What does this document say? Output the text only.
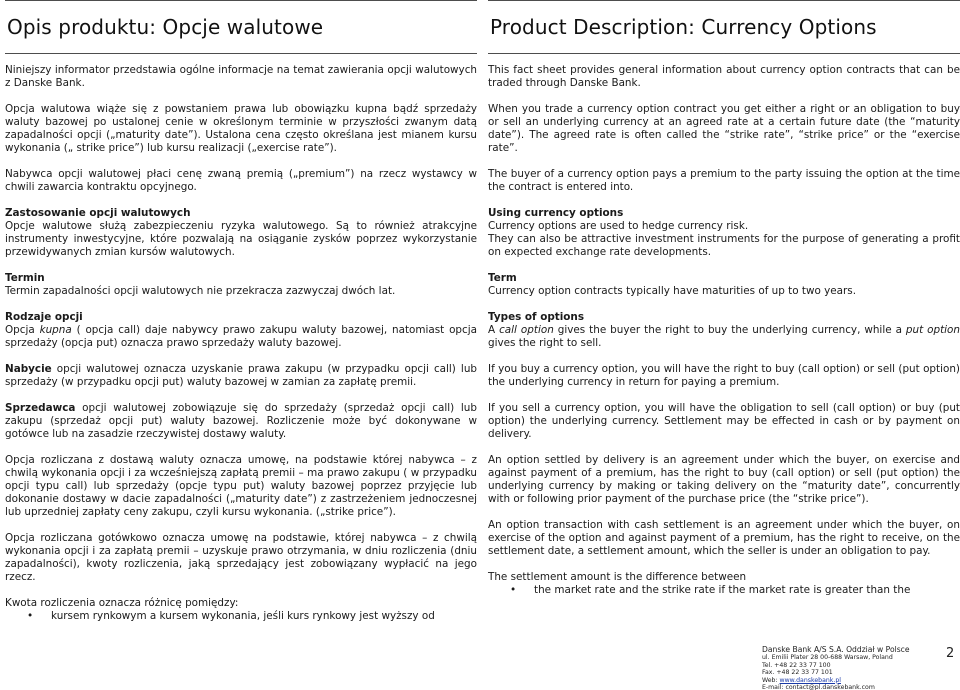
Opis produktu: Opcje walutowe

Niniejszy informator przedstawia ogólne informacje na temat zawierania opcji walutowych z Danske Bank.

Opcja walutowa wiąże się z powstaniem prawa lub obowiązku kupna bądź sprzedaży waluty bazowej po ustalonej cenie w określonym terminie w przyszłości zwanym datą zapadalności opcji („maturity date”). Ustalona cena często określana jest mianem kursu wykonania („ strike price”) lub kursu realizacji („exercise rate”).

Nabywca opcji walutowej płaci cenę zwaną premią („premium”) na rzecz wystawcy w chwili zawarcia kontraktu opcyjnego.

Zastosowanie opcji walutowych

Opcje walutowe służą zabezpieczeniu ryzyka walutowego. Są to również atrakcyjne instrumenty inwestycyjne, które pozwalają na osiąganie zysków poprzez wykorzystanie przewidywanych zmian kursów walutowych.

Termin

Termin zapadalności opcji walutowych nie przekracza zazwyczaj dwóch lat.

Rodzaje opcji

Opcja kupna ( opcja call) daje nabywcy prawo zakupu waluty bazowej, natomiast opcja sprzedaży (opcja put) oznacza prawo sprzedaży waluty bazowej.

Nabycie opcji walutowej oznacza uzyskanie prawa zakupu (w przypadku opcji call) lub sprzedaży (w przypadku opcji put) waluty bazowej w zamian za zapłatę premii.

Sprzedawca opcji walutowej zobowiązuje się do sprzedaży (sprzedaż opcji call) lub zakupu (sprzedaż opcji put) waluty bazowej. Rozliczenie może być dokonywane w gotówce lub na zasadzie rzeczywistej dostawy waluty.

Opcja rozliczana z dostawą waluty oznacza umowę, na podstawie której nabywca – z chwilą wykonania opcji i za wcześniejszą zapłatą premii – ma prawo zakupu ( w przypadku opcji typu call) lub sprzedaży (opcje typu put) waluty bazowej poprzez przyjęcie lub dokonanie dostawy w dacie zapadalności („maturity date”) z zastrzeżeniem jednoczesnej lub uprzedniej zapłaty ceny zakupu, czyli kursu wykonania. („strike price”).

Opcja rozliczana gotówkowo oznacza umowę na podstawie, której nabywca – z chwilą wykonania opcji i za zapłatą premii – uzyskuje prawo otrzymania, w dniu rozliczenia (dniu zapadalności), kwoty rozliczenia, jaką sprzedający jest zobowiązany wypłacić na jego rzecz.

Kwota rozliczenia oznacza różnicę pomiędzy:

• kursem rynkowym a kursem wykonania, jeśli kurs rynkowy jest wyższy od
Product Description: Currency Options

This fact sheet provides general information about currency option contracts that can be traded through Danske Bank.

When you trade a currency option contract you get either a right or an obligation to buy or sell an underlying currency at an agreed rate at a certain future date (the “maturity date”). The agreed rate is often called the “strike rate”, “strike price” or the “exercise rate”.

The buyer of a currency option pays a premium to the party issuing the option at the time the contract is entered into.

Using currency options

Currency options are used to hedge currency risk.

They can also be attractive investment instruments for the purpose of generating a profit on expected exchange rate developments.

Term

Currency option contracts typically have maturities of up to two years.

Types of options

A call option gives the buyer the right to buy the underlying currency, while a put option gives the right to sell.

If you buy a currency option, you will have the right to buy (call option) or sell (put option) the underlying currency in return for paying a premium.

If you sell a currency option, you will have the obligation to sell (call option) or buy (put option) the underlying currency. Settlement may be effected in cash or by payment on delivery.

An option settled by delivery is an agreement under which the buyer, on exercise and against payment of a premium, has the right to buy (call option) or sell (put option) the underlying currency by making or taking delivery on the “maturity date”, concurrently with or following prior payment of the purchase price (the “strike price”).

An option transaction with cash settlement is an agreement under which the buyer, on exercise of the option and against payment of a premium, has the right to receive, on the settlement date, a settlement amount, which the seller is under an obligation to pay.

The settlement amount is the difference between

• the market rate and the strike rate if the market rate is greater than the
Danske Bank A/S S.A. Oddział w Polsce
ul. Emilii Plater 28 00-688 Warsaw, Poland
Tel. +48 22 33 77 100
Fax. +48 22 33 77 101
Web: www.danskebank.pl
E-mail: contact@pl.danskebank.com
2
